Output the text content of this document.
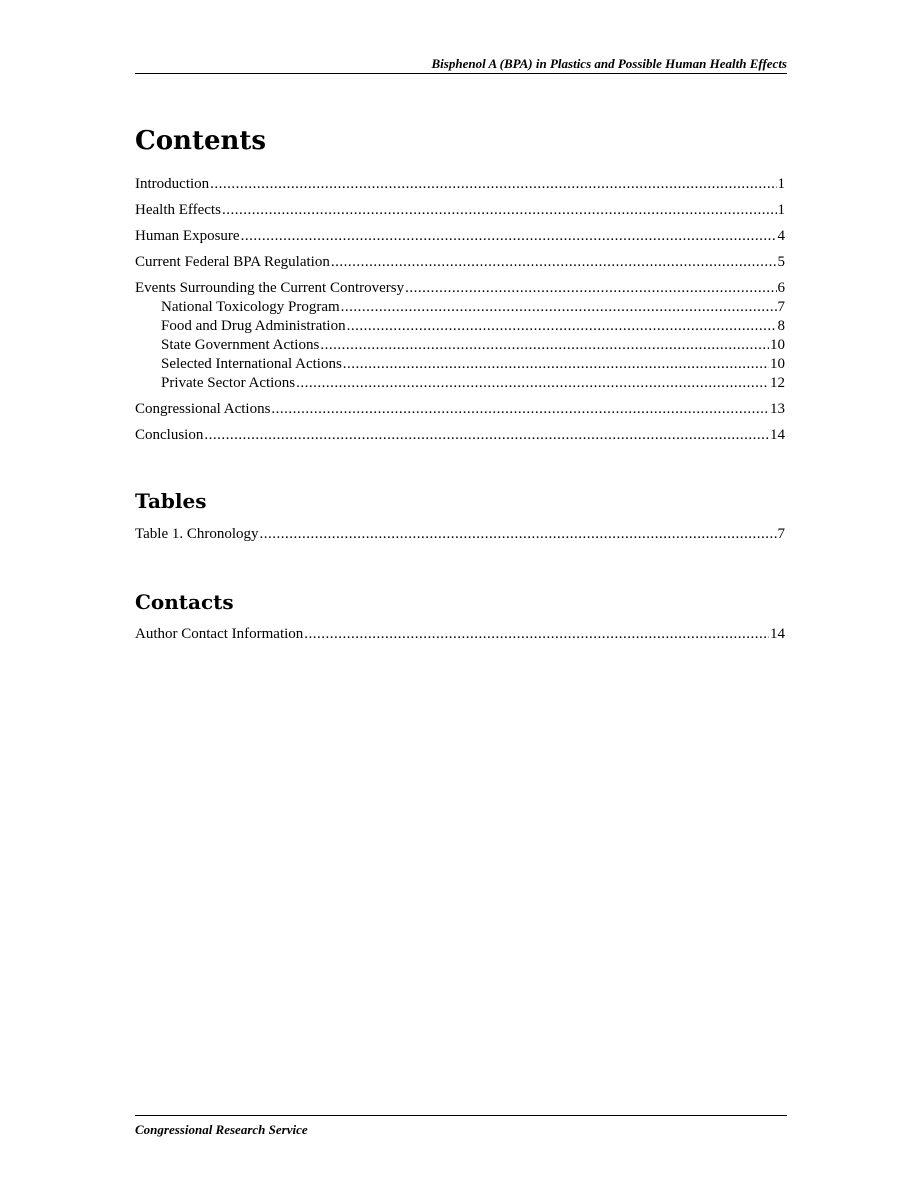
Bisphenol A (BPA) in Plastics and Possible Human Health Effects
Contents
Introduction .....	1
Health Effects .....	1
Human Exposure .....	4
Current Federal BPA Regulation .....	5
Events Surrounding the Current Controversy .....	6
National Toxicology Program .....	7
Food and Drug Administration .....	8
State Government Actions .....	10
Selected International Actions .....	10
Private Sector Actions .....	12
Congressional Actions .....	13
Conclusion .....	14
Tables
Table 1. Chronology .....	7
Contacts
Author Contact Information .....	14
Congressional Research Service
